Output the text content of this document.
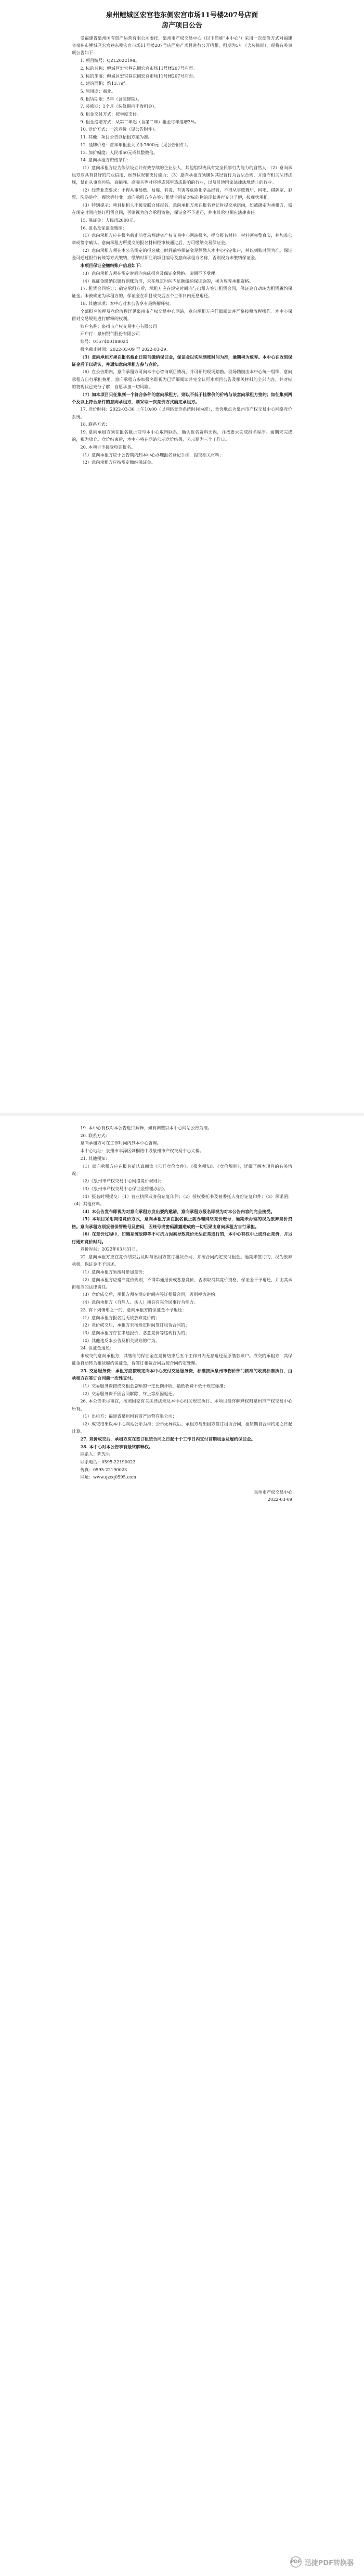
泉州鲤城区宏宫巷东侧宏宫市场11号楼207号店面
房产项目公告

受福建省泉州国有资产运营有限公司委托，泉州市产权交易中心（以下简称"本中心"）采用一次竞价方式对福建省泉州市鲤城区宏宫巷东侧宏宫市场11号楼207号店面房产项目进行公开招租，租期为5年（含装修期），现将有关事项公告如下：

1. 项目编号：QZL2022198。

2. 标的名称：鲤城区宏宫巷东侧宏宫市场11号楼207号店面。

3. 标的坐落：鲤城区宏宫巷东侧宏宫市场11号楼207号店面。

4. 建筑面积：约13.7㎡。

5. 原用途：商业。

6. 租赁期限：5年（含装修期）。

7. 装修期：1个月（装修期内不收租金）。

8. 租金交付方式：按季度支付。

9. 租金递增方式：从第二年起（含第二年）租金每年递增3%。

10. 竞价方式：一次竞价（见公告附件）。

11. 其他：项目公告以招租方案为准。

12. 挂牌价格：首年年租金人民币7600元（见公告附件）。

13. 加价幅度：人民币50元或其整数倍。

14. 意向承租方资格条件：

（1）意向承租方应为依法设立并有效存续的企业法人、其他组织或具有完全民事行为能力的自然人；（2）意向承租方应具有良好的商业信用、财务状况和支付能力；（3）意向承租方须确保其经营行为合法合规，并遵守相关法律法规，禁止从事高污染、高能耗、高噪音等对环境或邻里造成影响的行业，以及其他国家法律法规禁止的行业。

（2）经营业态要求：不得从事易燃、易爆、有毒、有害等危险化学品经营，不得从事歌舞厅、网吧、棋牌室、彩票、洗浴足疗、餐饮等行业。意向承租方应在签订租赁合同前对标的物的现状进行充分了解，按现状承租。

（3）特别提示：项目招租人不接受联合体报名。意向承租方须在报名登记时提交承诺函，如被确定为承租方，需在规定时间内签订租赁合同，否则视为放弃承租资格，保证金不予退还，并由其承担相应法律责任。

15. 保证金：人民币2000元。

16. 报名及保证金缴纳：

（1）意向承租方应在报名截止前登录福建省产权交易中心网站报名，提交报名材料。材料须完整真实，并加盖公章或签字确认。意向承租方所提交的报名材料经审核通过后，方可缴纳交易保证金。

（2）意向承租方须在本公告规定的报名截止时间前将保证金足额缴入本中心指定账户，并以到账时间为准。保证金可通过银行转账等方式缴纳，缴纳时须注明项目编号及意向承租方名称，否则视为未缴纳保证金。

本项目保证金缴纳账户信息如下：

（3）意向承租方须在规定时间内完成报名及保证金缴纳，逾期不予受理。

（4）保证金缴纳以银行到账为准，未在规定时间内足额缴纳保证金的，视为放弃承租资格。

17. 租赁合同签订：确定承租方后，承租方应在规定时间内与出租方签订租赁合同，保证金自动转为租赁履约保证金。未被确定为承租方的，保证金在项目成交后五个工作日内无息退还。

18. 其他事项：本中心对本公告享有最终解释权。

全部报名流程及竞价流程详见泉州市产权交易中心网站，意向承租方应仔细阅读并严格按照流程操作。本中心保留对交易规则进行解释的权利。

账户名称：泉州市产权交易中心有限公司

开户行：泉州银行股份有限公司

账号：0157400188024

报名截止时间：2022-03-09 至 2022-03-29。

（5）意向承租方须在报名截止日期前缴纳保证金，保证金以实际到账时间为准，逾期视为放弃。本中心在收到保证金后予以确认，并通知意向承租方参与竞价。

（6）在公告期内，意向承租方可向本中心咨询项目情况，并可预约现场踏勘。现场踏勘由本中心统一组织，意向承租方自行承担费用。意向承租方参加报名即视为已详细阅读并完全认可本项目公告及相关材料的全部内容，并对标的物现状已充分了解，自愿承担一切风险。

（7）如本项目只征集到一个符合条件的意向承租方，则以不低于挂牌价的价格与该意向承租方签约；如征集到两个及以上符合条件的意向承租方，则采取一次竞价方式确定承租方。

17. 竞价时间：2022-03-30 上午10:00（以网络竞价系统时间为准），竞价地点为泉州市产权交易中心网络竞价系统。

18. 联系方式：

19. 意向承租方须在报名截止前与本中心取得联系，确认报名资料无误，并按要求完成报名程序。逾期未完成的，视为放弃。竞价结束后，本中心将在网站公示竞价结果，公示期为三个工作日。

20. 本项目不接受电话报名。

（1）意向承租方应于公告期内到本中心办理报名登记手续，提交相关材料；

（2）意向承租方应按规定缴纳保证金。

19. 本中心有权对本公告进行解释，如有调整以本中心网站公告为准。

20. 联系方式：

意向承租方可在工作时间内到本中心咨询。

本中心地址：泉州市丰泽区刺桐路中段泉州市产权交易中心大楼。

21. 其他须知：

（1）意向承租方应在报名前认真阅读《公开竞价文件》、《报名须知》、《竞价规则》，详细了解本项目的有关情况；

（2）《泉州市产权交易中心网络竞价规则》；

（3）《泉州市产权交易中心保证金管理办法》。

（4）报名时须提交：（1）营业执照或身份证复印件；（2）授权委托书及被委托人身份证复印件；（3）承诺函；（4）其他材料。

（4）本公告发布即视为对意向承租方发出要约邀请，意向承租方报名即视为对本公告内容的完全接受。

（5）本项目采用网络竞价方式，意向承租方须在报名截止前办理网络竞价账号，逾期未办理的视为放弃竞价资格。意向承租方须妥善保管账号及密码，因账号或密码泄露造成的一切后果由意向承租方自行承担。

（6）在竞价过程中，如遇系统故障等不可抗力因素导致竞价无法正常进行的，本中心有权中止或终止竞价，并另行通知竞价时间。

竞价时间：2022年03月31日。

22. 意向承租方应在竞价结束后及时与出租方签订租赁合同，并按合同约定支付租金。逾期未签订的，视为放弃承租，保证金不予退还。

（1）意向承租方须按时参加竞价；

（2）意向承租方应遵守竞价规则，不得串通报价或恶意竞价，否则取消其竞价资格，保证金不予退还，并由其承担相应的法律责任。

（3）竞价成交后，承租方须在规定时间内签订租赁合同，否则视为违约。

（4）意向承租方（自然人、法人）须具有完全民事行为能力。

23. 有下列情形之一的，意向承租方的保证金不予退还：

（1）意向承租方报名后无故放弃竞价的；

（2）竞价成交后，承租方未按规定时间签订租赁合同的；

（3）意向承租方存在串通报价、恶意竞价等违规行为的；

（4）其他违反本公告及相关规则的行为。

24. 保证金退还：

未成交的意向承租方，其缴纳的保证金在竞价结束后五个工作日内无息退还至原缴款账户。成交的承租方，其保证金自动转为租赁履约保证金，待签订租赁合同后按合同约定处理。

25. 交易服务费：承租方应按规定向本中心支付交易服务费，标准按照泉州市物价部门核准的收费标准执行，由承租方在签订合同前一次性支付。

（1）交易服务费按成交租金总额的一定比例计收，最低收费不低于规定标准；

（2）交易服务费不因合同解除、终止等原因退还。

26. 本公告未尽事宜，按照国家有关法律法规及本中心相关规定执行。本项目最终解释权归泉州市产权交易中心所有。

（1）出租方：福建省泉州国有资产运营有限公司；

（2）成交结果以本中心网站公示为准；公示无异议后，承租方与出租方签订租赁合同，租赁期自合同约定之日起计算。

27. 竞价成交后，承租方应在签订租赁合同之日起十个工作日内支付首期租金及履约保证金。

28. 本中心对本公告享有最终解释权。

联系人：陈先生

联系电话：0595-22190023

传真：0595-22190023

网址：www.qzcq0595.com

泉州市产权交易中心
2022-03-09
PDF 迅捷PDF转换器
